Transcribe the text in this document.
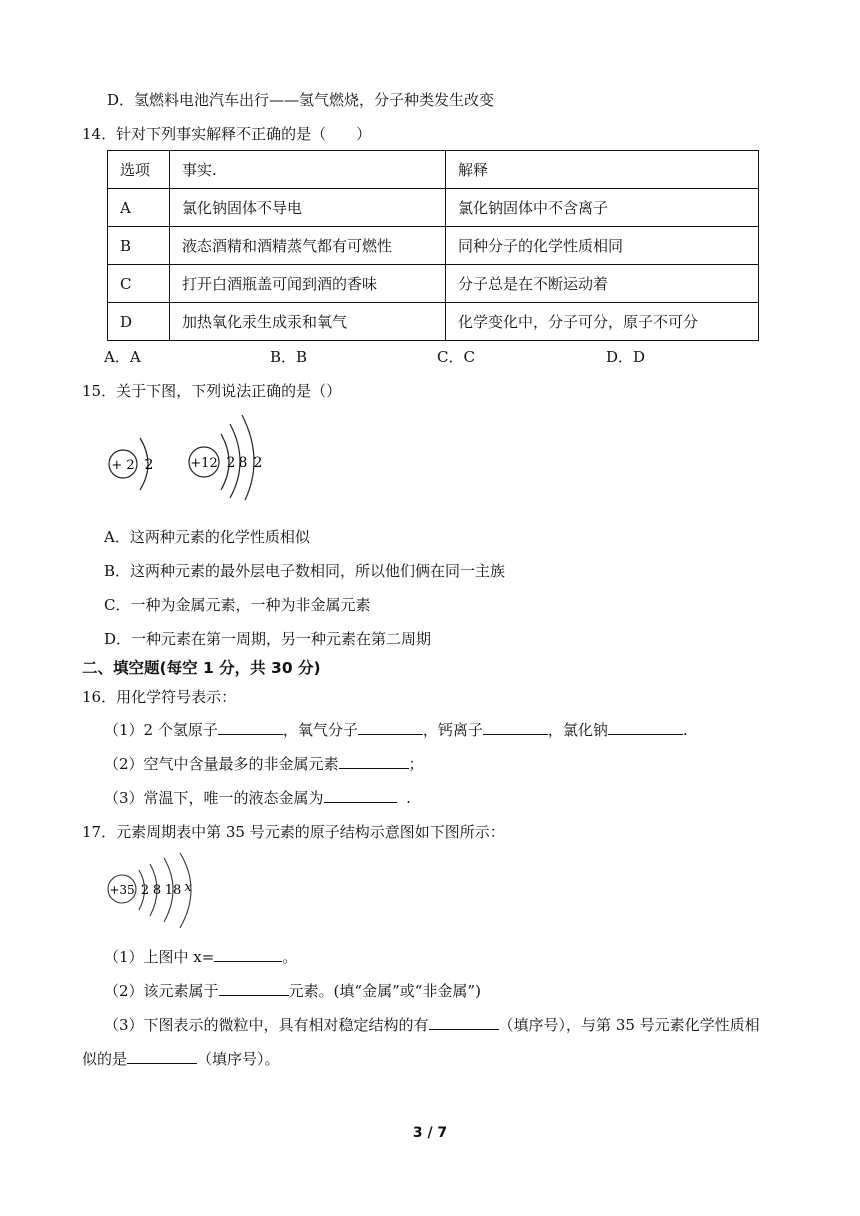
D．氢燃料电池汽车出行——氢气燃烧，分子种类发生改变
14．针对下列事实解释不正确的是（　　）
选项	事实.	解释
A	氯化钠固体不导电	氯化钠固体中不含离子
B	液态酒精和酒精蒸气都有可燃性	同种分子的化学性质相同
C	打开白酒瓶盖可闻到酒的香味	分子总是在不断运动着
D	加热氧化汞生成汞和氧气	化学变化中，分子可分，原子不可分
A．A	B．B	C．C	D．D
15．关于下图，下列说法正确的是（）
+ 2 2	+12 2 8 2
A．这两种元素的化学性质相似
B．这两种元素的最外层电子数相同，所以他们俩在同一主族
C．一种为金属元素，一种为非金属元素
D．一种元素在第一周期，另一种元素在第二周期
二、填空题(每空 1 分，共 30 分)
16．用化学符号表示：
（1）2 个氢原子	，氧气分子	，钙离子	，氯化钠	.
（2）空气中含量最多的非金属元素	；
（3）常温下，唯一的液态金属为	.
17．元素周期表中第 35 号元素的原子结构示意图如下图所示：
+35 2 8 18 x
（1）上图中 x=	。
（2）该元素属于	元素。(填“金属”或“非金属”)
（3）下图表示的微粒中，具有相对稳定结构的有	（填序号），与第 35 号元素化学性质相
似的是	（填序号）。
3 / 7
